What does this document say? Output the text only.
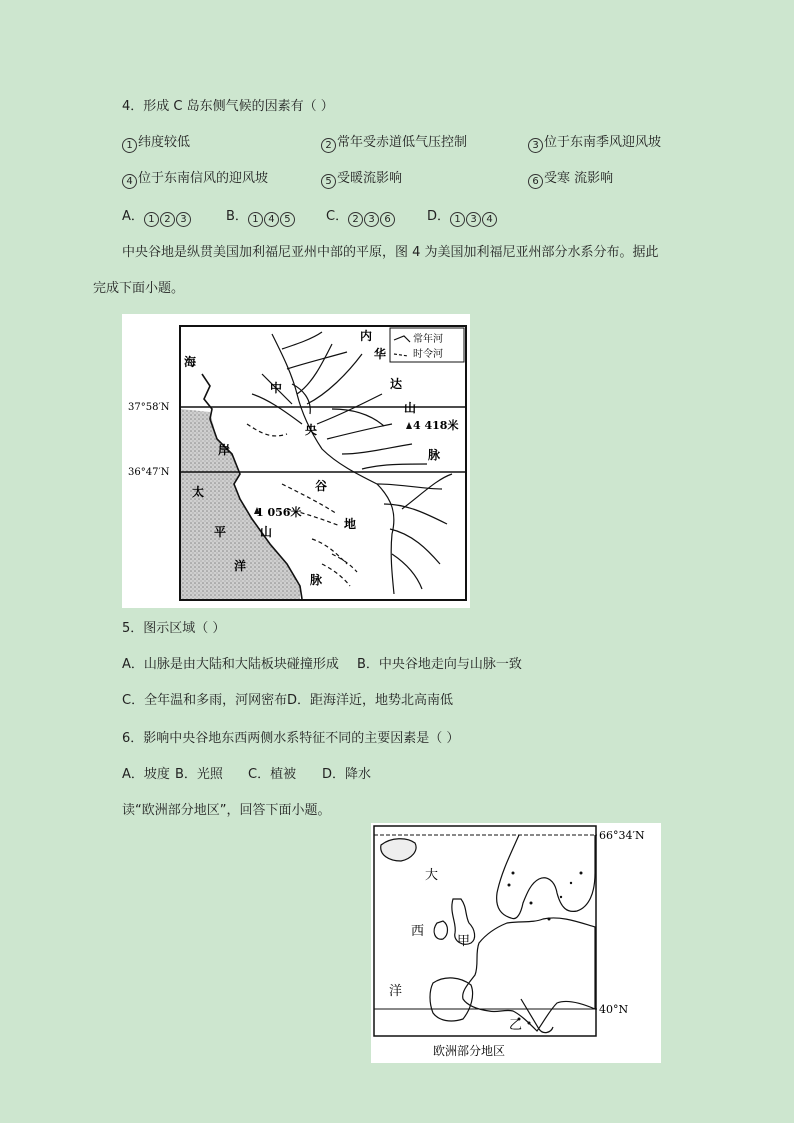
4．形成 C 岛东侧气候的因素有（ ）
1 纬度较低	2 常年受赤道低气压控制	3 位于东南季风迎风坡
4 位于东南信风的迎风坡	5 受暖流影响	6 受寒 流影响
A． 1 2 3	B． 1 4 5	C． 2 3 6	D． 1 3 4
中央谷地是纵贯美国加利福尼亚州中部的平原，图 4 为美国加利福尼亚州部分水系分布。据此
完成下面小题。
常年河
时令河
37°58′N
36°47′N
内
华
达
山
脉
中
央
谷
地
海
岸
山
脉
太
平
洋
4 418米
1 056米
5．图示区域（ ）
A．山脉是由大陆和大陆板块碰撞形成 B．中央谷地走向与山脉一致
C．全年温和多雨，河网密布 D．距海洋近，地势北高南低
6．影响中央谷地东西两侧水系特征不同的主要因素是（ ）
A．坡度 B．光照 C．植被 D．降水
读“欧洲部分地区”，回答下面小题。
大
西
洋
甲
乙
66°34′N
40°N
欧洲部分地区
